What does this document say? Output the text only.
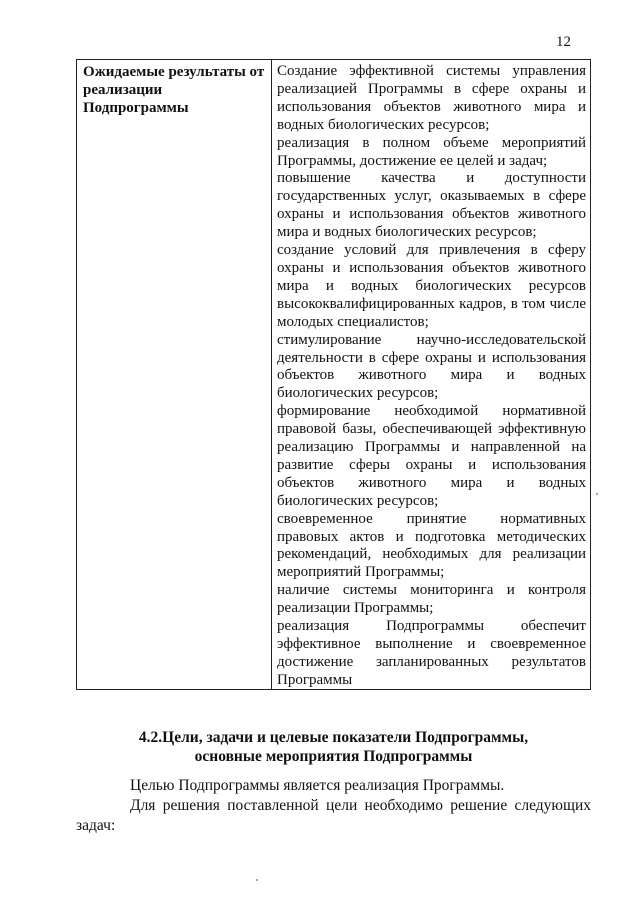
12

Ожидаемые результаты от реализации Подпрограммы

Создание эффективной системы управления реализацией Программы в сфере охраны и использования объектов животного мира и водных биологических ресурсов;
реализация в полном объеме мероприятий Программы, достижение ее целей и задач;
повышение качества и доступности государственных услуг, оказываемых в сфере охраны и использования объектов животного мира и водных биологических ресурсов;
создание условий для привлечения в сферу охраны и использования объектов животного мира и водных биологических ресурсов высококвалифицированных кадров, в том числе молодых специалистов;
стимулирование научно-исследовательской деятельности в сфере охраны и использования объектов животного мира и водных биологических ресурсов;
формирование необходимой нормативной правовой базы, обеспечивающей эффективную реализацию Программы и направленной на развитие сферы охраны и использования объектов животного мира и водных биологических ресурсов;
своевременное принятие нормативных правовых актов и подготовка методических рекомендаций, необходимых для реализации мероприятий Программы;
наличие системы мониторинга и контроля реализации Программы;
реализация Подпрограммы обеспечит эффективное выполнение и своевременное достижение запланированных результатов Программы
4.2.Цели, задачи и целевые показатели Подпрограммы,
основные мероприятия Подпрограммы

Целью Подпрограммы является реализация Программы.

Для решения поставленной цели необходимо решение следующих задач:
